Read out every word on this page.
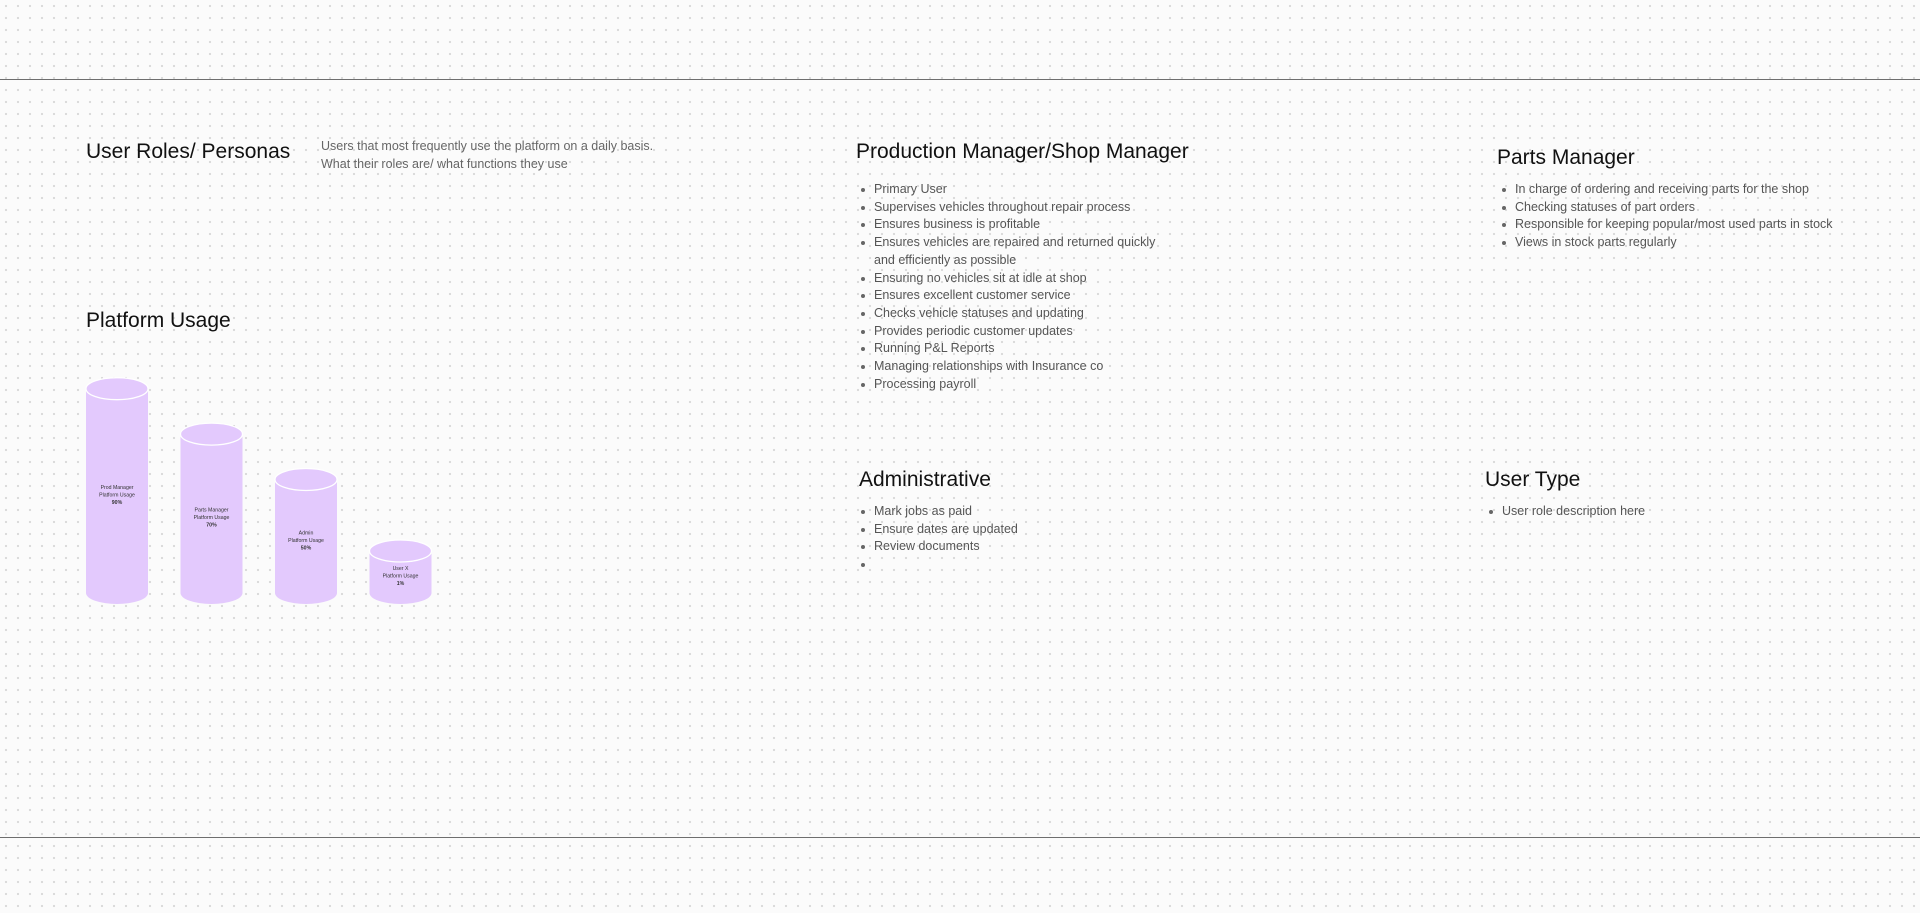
User Roles/ Personas Users that most frequently use the platform on a daily basis.
What their roles are/ what functions they use
Platform Usage
Prod Manager
Platform Usage
90%
Parts Manager
Platform Usage
70%
Admin
Platform Usage
50%
User X
Platform Usage
1%
Production Manager/Shop Manager
Primary User
Supervises vehicles throughout repair process
Ensures business is profitable
Ensures vehicles are repaired and returned quickly
and efficiently as possible
Ensuring no vehicles sit at idle at shop
Ensures excellent customer service
Checks vehicle statuses and updating
Provides periodic customer updates
Running P&L Reports
Managing relationships with Insurance co
Processing payroll
Parts Manager
In charge of ordering and receiving parts for the shop
Checking statuses of part orders
Responsible for keeping popular/most used parts in stock
Views in stock parts regularly
Administrative
Mark jobs as paid
Ensure dates are updated
Review documents
User Type
User role description here
